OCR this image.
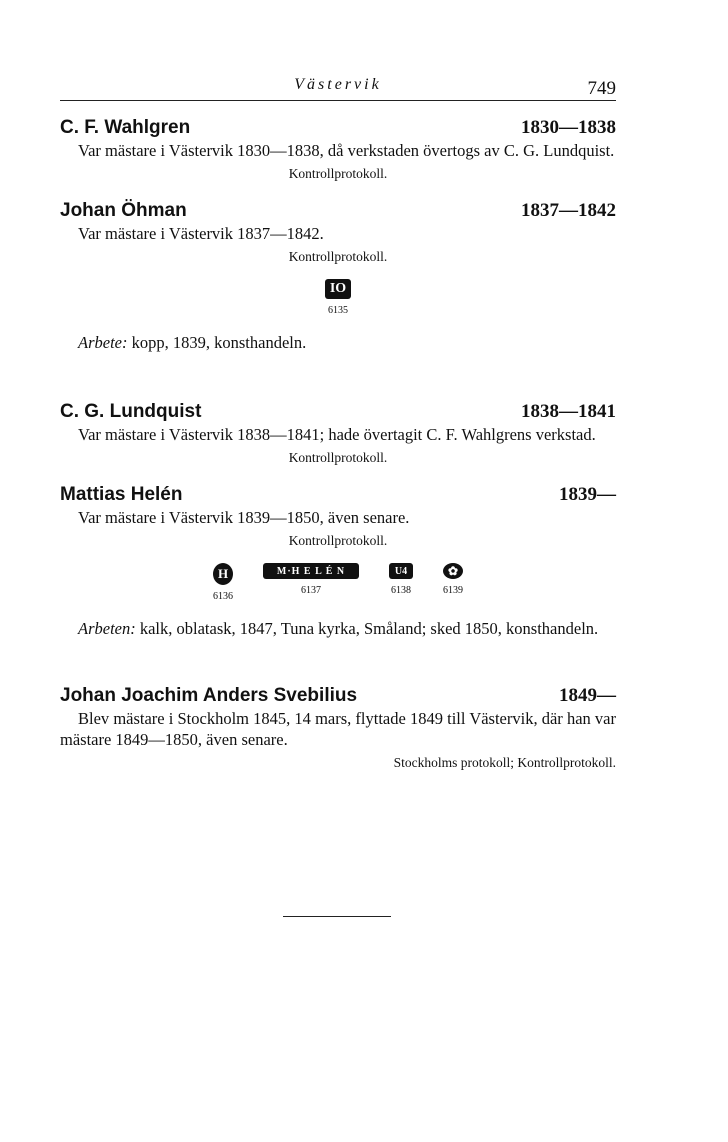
Västervik	749
C. F. Wahlgren	1830—1838

Var mästare i Västervik 1830—1838, då verkstaden övertogs av C. G. Lundquist.

Kontrollprotokoll.
Johan Öhman	1837—1842

Var mästare i Västervik 1837—1842.

Kontrollprotokoll.
IO
6135
Arbete: kopp, 1839, konsthandeln.
C. G. Lundquist	1838—1841

Var mästare i Västervik 1838—1841; hade övertagit C. F. Wahlgrens verkstad.

Kontrollprotokoll.
Mattias Helén	1839—

Var mästare i Västervik 1839—1850, även senare.

Kontrollprotokoll.
H
6136
M·H E L É N
6137
U4
6138
✿
6139
Arbeten: kalk, oblatask, 1847, Tuna kyrka, Småland; sked 1850, konsthandeln.
Johan Joachim Anders Svebilius	1849—

Blev mästare i Stockholm 1845, 14 mars, flyttade 1849 till Västervik, där han var mästare 1849—1850, även senare.

Stockholms protokoll; Kontrollprotokoll.
